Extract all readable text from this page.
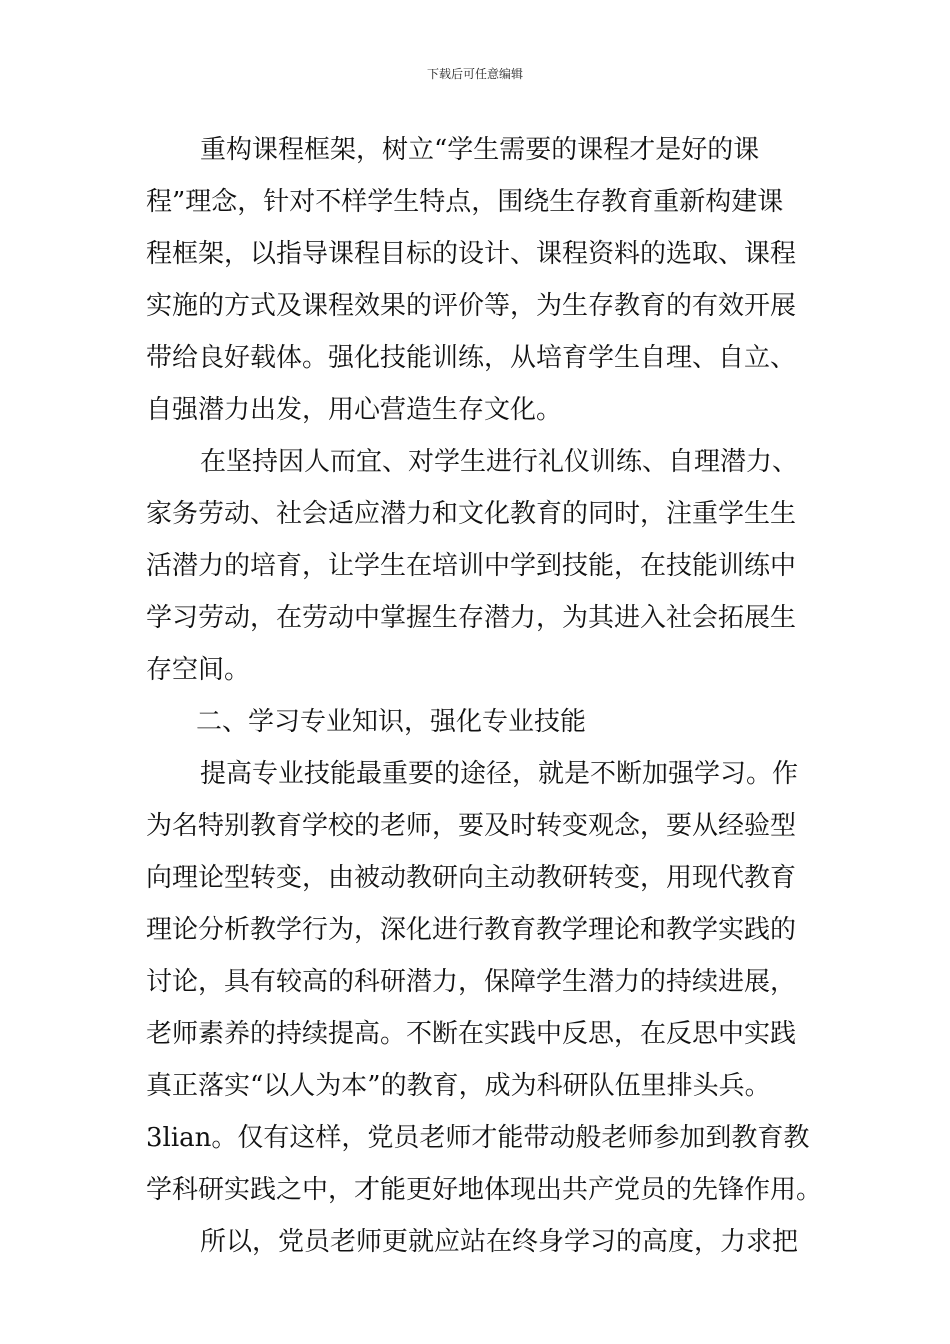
下载后可任意编辑
重构课程框架，树立“学生需要的课程才是好的课
程”理念，针对不样学生特点，围绕生存教育重新构建课
程框架，以指导课程目标的设计、课程资料的选取、课程
实施的方式及课程效果的评价等，为生存教育的有效开展
带给良好载体。强化技能训练，从培育学生自理、自立、
自强潜力出发，用心营造生存文化。
在坚持因人而宜、对学生进行礼仪训练、自理潜力、
家务劳动、社会适应潜力和文化教育的同时，注重学生生
活潜力的培育，让学生在培训中学到技能，在技能训练中
学习劳动，在劳动中掌握生存潜力，为其进入社会拓展生
存空间。
二、学习专业知识，强化专业技能
提高专业技能最重要的途径，就是不断加强学习。作
为名特别教育学校的老师，要及时转变观念，要从经验型
向理论型转变，由被动教研向主动教研转变，用现代教育
理论分析教学行为，深化进行教育教学理论和教学实践的
讨论，具有较高的科研潜力，保障学生潜力的持续进展，
老师素养的持续提高。不断在实践中反思，在反思中实践
真正落实“以人为本”的教育，成为科研队伍里排头兵。
3lian。仅有这样，党员老师才能带动般老师参加到教育教
学科研实践之中，才能更好地体现出共产党员的先锋作用。
所以，党员老师更就应站在终身学习的高度，力求把
